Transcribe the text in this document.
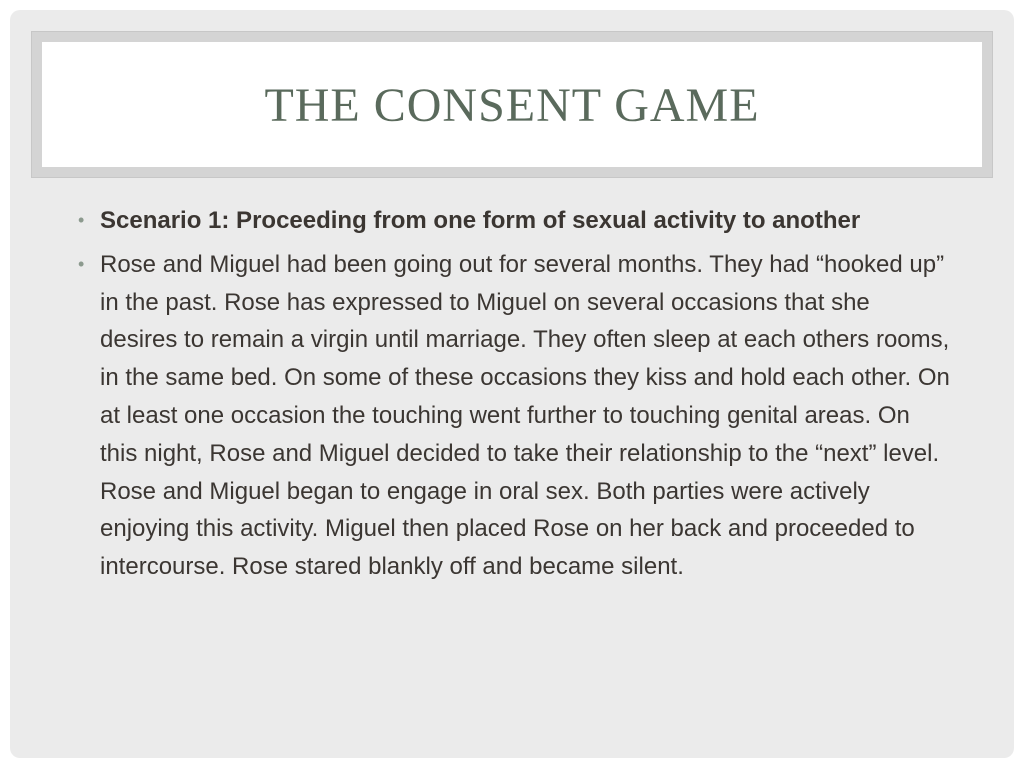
THE CONSENT GAME
• Scenario 1: Proceeding from one form of sexual activity to another
• Rose and Miguel had been going out for several months. They had “hooked up” in the past. Rose has expressed to Miguel on several occasions that she desires to remain a virgin until marriage. They often sleep at each others rooms, in the same bed. On some of these occasions they kiss and hold each other. On at least one occasion the touching went further to touching genital areas. On this night, Rose and Miguel decided to take their relationship to the “next” level. Rose and Miguel began to engage in oral sex. Both parties were actively enjoying this activity. Miguel then placed Rose on her back and proceeded to intercourse. Rose stared blankly off and became silent.
